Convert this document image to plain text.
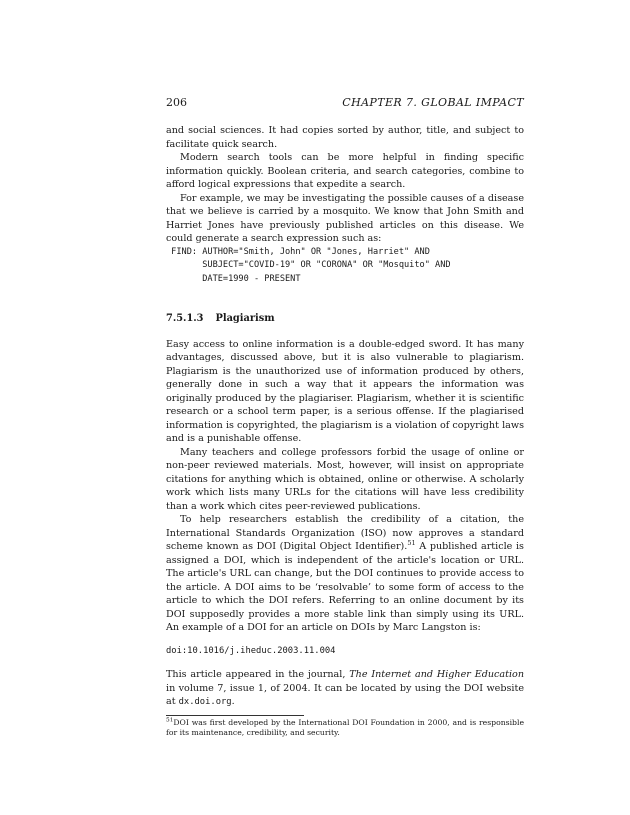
206	CHAPTER 7. GLOBAL IMPACT

and social sciences. It had copies sorted by author, title, and subject to facilitate quick search.

Modern search tools can be more helpful in finding specific information quickly. Boolean criteria, and search categories, combine to afford logical expressions that expedite a search.

For example, we may be investigating the possible causes of a disease that we believe is carried by a mosquito. We know that John Smith and Harriet Jones have previously published articles on this disease. We could generate a search expression such as:

FIND: AUTHOR="Smith, John" OR "Jones, Harriet" AND
SUBJECT="COVID-19" OR "CORONA" OR "Mosquito" AND
DATE=1990 - PRESENT
7.5.1.3 Plagiarism

Easy access to online information is a double-edged sword. It has many advantages, discussed above, but it is also vulnerable to plagiarism. Plagiarism is the unauthorized use of information produced by others, generally done in such a way that it appears the information was originally produced by the plagiariser. Plagiarism, whether it is scientific research or a school term paper, is a serious offense. If the plagiarised information is copyrighted, the plagiarism is a violation of copyright laws and is a punishable offense.

Many teachers and college professors forbid the usage of online or non-peer reviewed materials. Most, however, will insist on appropriate citations for anything which is obtained, online or otherwise. A scholarly work which lists many URLs for the citations will have less credibility than a work which cites peer-reviewed publications.

To help researchers establish the credibility of a citation, the International Standards Organization (ISO) now approves a standard scheme known as DOI (Digital Object Identifier).$^{51}$ A published article is assigned a DOI, which is independent of the article's location or URL. The article's URL can change, but the DOI continues to provide access to the article. A DOI aims to be ‘resolvable’ to some form of access to the article to which the DOI refers. Referring to an online document by its DOI supposedly provides a more stable link than simply using its URL. An example of a DOI for an article on DOIs by Marc Langston is:

doi:10.1016/j.iheduc.2003.11.004

This article appeared in the journal, The Internet and Higher Education in volume 7, issue 1, of 2004. It can be located by using the DOI website at dx.doi.org.

$^{51}$DOI was first developed by the International DOI Foundation in 2000, and is responsible for its maintenance, credibility, and security.
